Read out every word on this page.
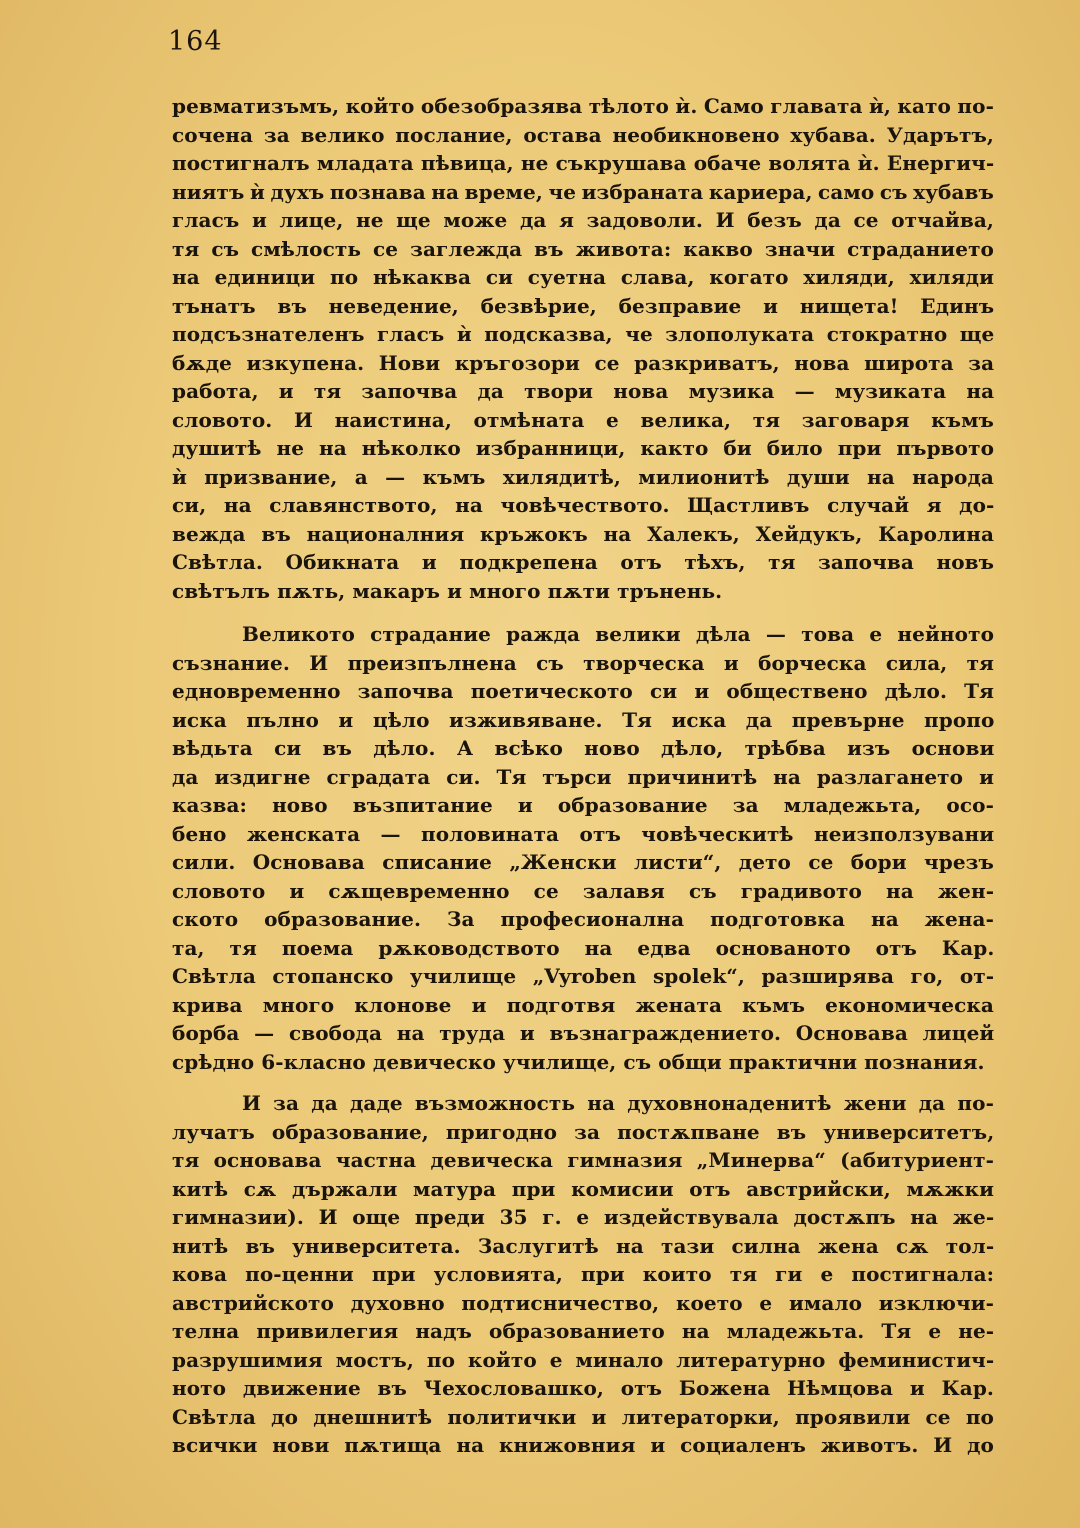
164
ревматизъмъ, който обезобразява тѣлото ѝ. Само главата ѝ, като по-
сочена за велико послание, остава необикновено хубава. Ударътъ,
постигналъ младата пѣвица, не съкрушава обаче волята ѝ. Енергич-
ниятъ ѝ духъ познава на време, че избраната кариера, само съ хубавъ
гласъ и лице, не ще може да я задоволи. И безъ да се отчайва,
тя съ смѣлость се заглежда въ живота: какво значи страданието
на единици по нѣкаква си суетна слава, когато хиляди, хиляди
тънатъ въ неведение, безвѣрие, безправие и нищета! Единъ
подсъзнателенъ гласъ ѝ подсказва, че злополуката стократно ще
бѫде изкупена. Нови кръгозори се разкриватъ, нова широта за
работа, и тя започва да твори нова музика — музиката на
словото. И наистина, отмѣната е велика, тя заговаря къмъ
душитѣ не на нѣколко избранници, както би било при първото
ѝ призвание, а — къмъ хилядитѣ, милионитѣ души на народа
си, на славянството, на човѣчеството. Щастливъ случай я до-
вежда въ националния кръжокъ на Халекъ, Хейдукъ, Каролина
Свѣтла. Обикната и подкрепена отъ тѣхъ, тя започва новъ
свѣтълъ пѫть, макаръ и много пѫти трънень.
Великото страдание ражда велики дѣла — това е нейното
съзнание. И преизпълнена съ творческа и борческа сила, тя
едновременно започва поетическото си и обществено дѣло. Тя
иска пълно и цѣло изживяване. Тя иска да превърне пропо
вѣдьта си въ дѣло. А всѣко ново дѣло, трѣбва изъ основи
да издигне сградата си. Тя търси причинитѣ на разлагането и
казва: ново възпитание и образование за младежьта, осо-
бено женската — половината отъ човѣческитѣ неизползувани
сили. Основава списание „Женски листи“, дето се бори чрезъ
словото и сѫщевременно се залавя съ градивото на жен-
ското образование. За професионална подготовка на жена-
та, тя поема рѫководството на едва основаното отъ Кар.
Свѣтла стопанско училище „Vyroben spolek“, разширява го, от-
крива много клонове и подготвя жената къмъ економическа
борба — свобода на труда и възнаграждението. Основава лицей
срѣдно 6-класно девическо училище, съ общи практични познания.
И за да даде възможность на духовнонаденитѣ жени да по-
лучатъ образование, пригодно за постѫпване въ университетъ,
тя основава частна девическа гимназия „Минерва“ (абитуриент-
китѣ сѫ държали матура при комисии отъ австрийски, мѫжки
гимназии). И още преди 35 г. е издействувала достѫпъ на же-
нитѣ въ университета. Заслугитѣ на тази силна жена сѫ тол-
кова по-ценни при условията, при които тя ги е постигнала:
австрийското духовно подтисничество, което е имало изключи-
телна привилегия надъ образованието на младежьта. Тя е не-
разрушимия мостъ, по който е минало литературно феминистич-
ното движение въ Чехословашко, отъ Божена Нѣмцова и Кар.
Свѣтла до днешнитѣ политички и литераторки, проявили се по
всички нови пѫтища на книжовния и социаленъ животъ. И до
